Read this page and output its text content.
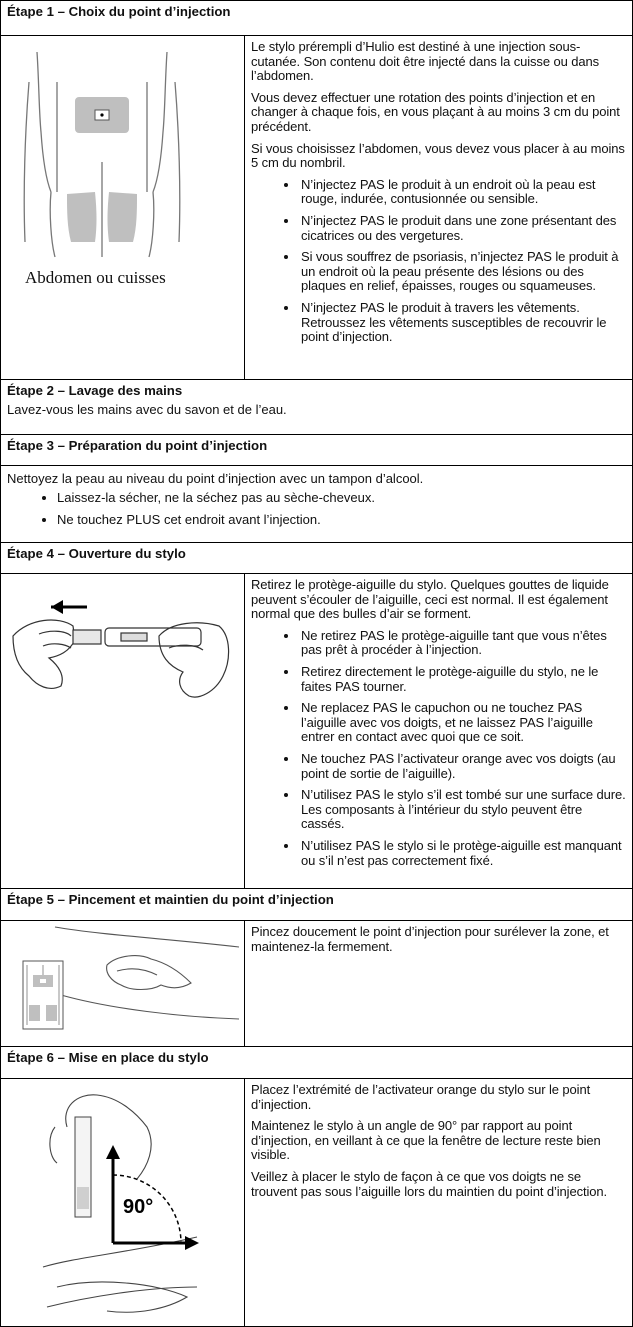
Étape 1 – Choix du point d’injection
Abdomen ou cuisses

Le stylo prérempli d’Hulio est destiné à une injection sous-cutanée. Son contenu doit être injecté dans la cuisse ou dans l’abdomen.

Vous devez effectuer une rotation des points d’injection et en changer à chaque fois, en vous plaçant à au moins 3 cm du point précédent.

Si vous choisissez l’abdomen, vous devez vous placer à au moins 5 cm du nombril.

• N’injectez PAS le produit à un endroit où la peau est rouge, indurée, contusionnée ou sensible.
• N’injectez PAS le produit dans une zone présentant des cicatrices ou des vergetures.
• Si vous souffrez de psoriasis, n’injectez PAS le produit à un endroit où la peau présente des lésions ou des plaques en relief, épaisses, rouges ou squameuses.
• N’injectez PAS le produit à travers les vêtements. Retroussez les vêtements susceptibles de recouvrir le point d’injection.
Étape 2 – Lavage des mains
Lavez-vous les mains avec du savon et de l’eau.
Étape 3 – Préparation du point d’injection
Nettoyez la peau au niveau du point d’injection avec un tampon d’alcool.
• Laissez-la sécher, ne la séchez pas au sèche-cheveux.
• Ne touchez PLUS cet endroit avant l’injection.
Étape 4 – Ouverture du stylo

Retirez le protège-aiguille du stylo. Quelques gouttes de liquide peuvent s’écouler de l’aiguille, ceci est normal. Il est également normal que des bulles d’air se forment.

• Ne retirez PAS le protège-aiguille tant que vous n’êtes pas prêt à procéder à l’injection.
• Retirez directement le protège-aiguille du stylo, ne le faites PAS tourner.
• Ne replacez PAS le capuchon ou ne touchez PAS l’aiguille avec vos doigts, et ne laissez PAS l’aiguille entrer en contact avec quoi que ce soit.
• Ne touchez PAS l’activateur orange avec vos doigts (au point de sortie de l’aiguille).
• N’utilisez PAS le stylo s’il est tombé sur une surface dure. Les composants à l’intérieur du stylo peuvent être cassés.
• N’utilisez PAS le stylo si le protège-aiguille est manquant ou s’il n’est pas correctement fixé.
Étape 5 – Pincement et maintien du point d’injection

Pincez doucement le point d’injection pour surélever la zone, et maintenez-la fermement.

Étape 6 – Mise en place du stylo
90°

Placez l’extrémité de l’activateur orange du stylo sur le point d’injection.

Maintenez le stylo à un angle de 90° par rapport au point d’injection, en veillant à ce que la fenêtre de lecture reste bien visible.

Veillez à placer le stylo de façon à ce que vos doigts ne se trouvent pas sous l’aiguille lors du maintien du point d’injection.
